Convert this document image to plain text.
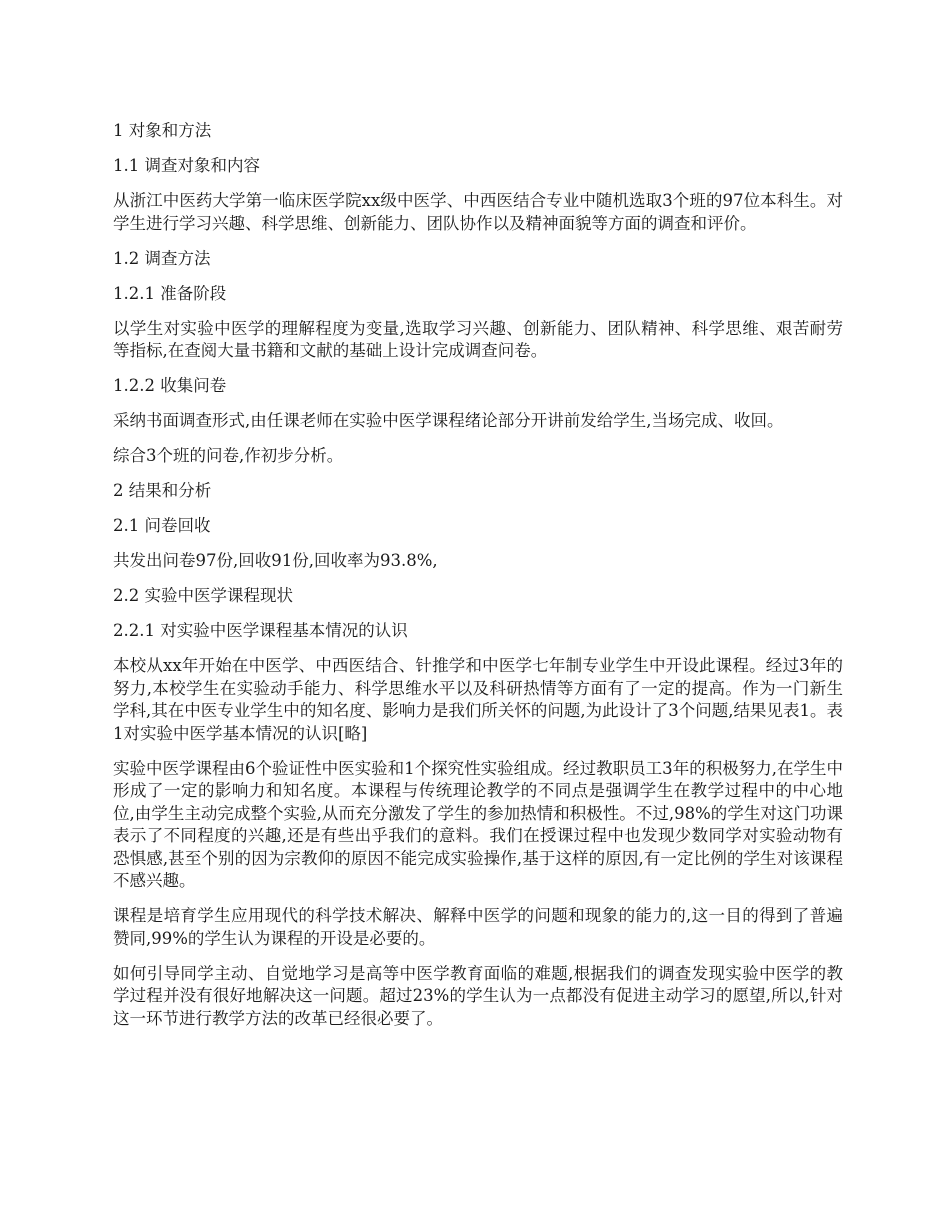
1 对象和方法
1.1 调查对象和内容
从浙江中医药大学第一临床医学院xx级中医学、中西医结合专业中随机选取3个班的97位本科生。对学生进行学习兴趣、科学思维、创新能力、团队协作以及精神面貌等方面的调查和评价。
1.2 调查方法
1.2.1 准备阶段
以学生对实验中医学的理解程度为变量,选取学习兴趣、创新能力、团队精神、科学思维、艰苦耐劳等指标,在查阅大量书籍和文献的基础上设计完成调查问卷。
1.2.2 收集问卷
采纳书面调查形式,由任课老师在实验中医学课程绪论部分开讲前发给学生,当场完成、收回。
综合3个班的问卷,作初步分析。
2 结果和分析
2.1 问卷回收
共发出问卷97份,回收91份,回收率为93.8%,
2.2 实验中医学课程现状
2.2.1 对实验中医学课程基本情况的认识
本校从xx年开始在中医学、中西医结合、针推学和中医学七年制专业学生中开设此课程。经过3年的努力,本校学生在实验动手能力、科学思维水平以及科研热情等方面有了一定的提高。作为一门新生学科,其在中医专业学生中的知名度、影响力是我们所关怀的问题,为此设计了3个问题,结果见表1。表1对实验中医学基本情况的认识[略]
实验中医学课程由6个验证性中医实验和1个探究性实验组成。经过教职员工3年的积极努力,在学生中形成了一定的影响力和知名度。本课程与传统理论教学的不同点是强调学生在教学过程中的中心地位,由学生主动完成整个实验,从而充分激发了学生的参加热情和积极性。不过,98%的学生对这门功课表示了不同程度的兴趣,还是有些出乎我们的意料。我们在授课过程中也发现少数同学对实验动物有恐惧感,甚至个别的因为宗教仰的原因不能完成实验操作,基于这样的原因,有一定比例的学生对该课程不感兴趣。
课程是培育学生应用现代的科学技术解决、解释中医学的问题和现象的能力的,这一目的得到了普遍赞同,99%的学生认为课程的开设是必要的。
如何引导同学主动、自觉地学习是高等中医学教育面临的难题,根据我们的调查发现实验中医学的教学过程并没有很好地解决这一问题。超过23%的学生认为一点都没有促进主动学习的愿望,所以,针对这一环节进行教学方法的改革已经很必要了。
